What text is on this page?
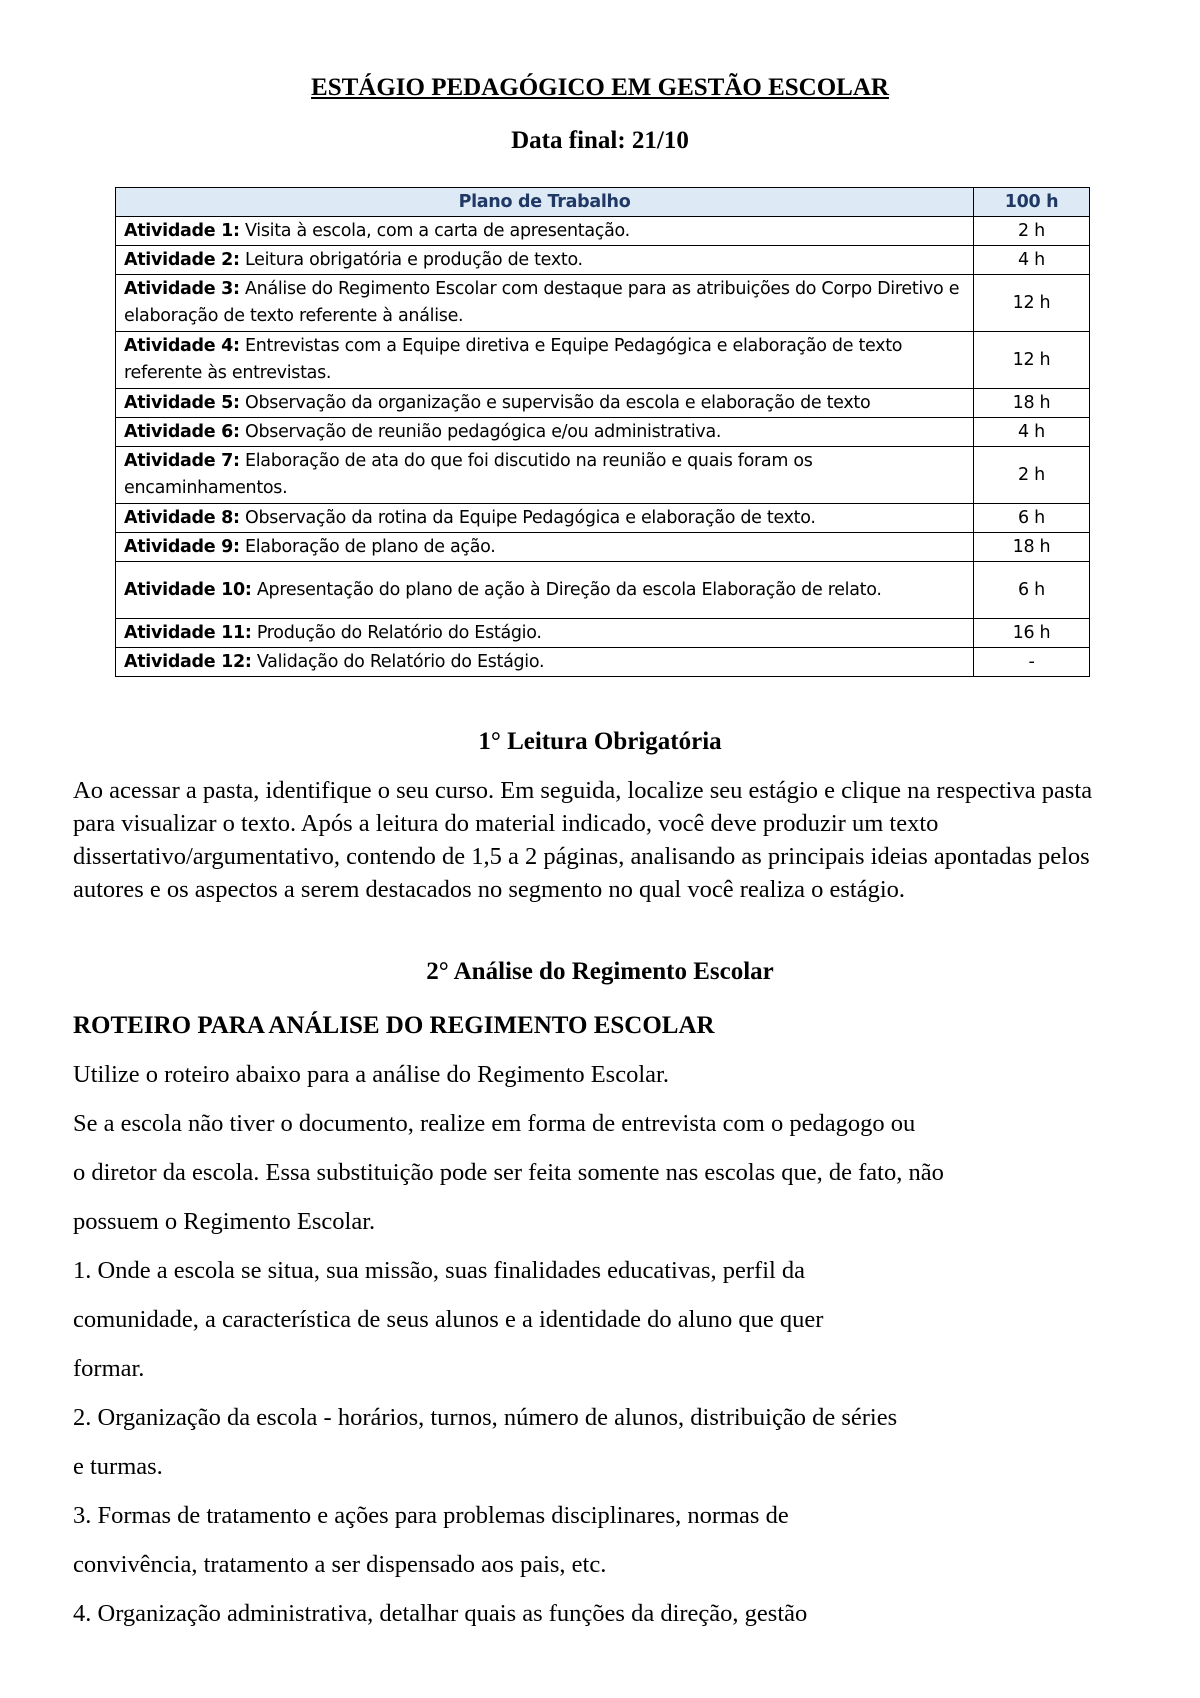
ESTÁGIO PEDAGÓGICO EM GESTÃO ESCOLAR
Data final: 21/10
Plano de Trabalho	100 h
Atividade 1: Visita à escola, com a carta de apresentação.	2 h
Atividade 2: Leitura obrigatória e produção de texto.	4 h
Atividade 3: Análise do Regimento Escolar com destaque para as atribuições do Corpo Diretivo e elaboração de texto referente à análise.	12 h
Atividade 4: Entrevistas com a Equipe diretiva e Equipe Pedagógica e elaboração de texto referente às entrevistas.	12 h
Atividade 5: Observação da organização e supervisão da escola e elaboração de texto	18 h
Atividade 6: Observação de reunião pedagógica e/ou administrativa.	4 h
Atividade 7: Elaboração de ata do que foi discutido na reunião e quais foram os encaminhamentos.	2 h
Atividade 8: Observação da rotina da Equipe Pedagógica e elaboração de texto.	6 h
Atividade 9: Elaboração de plano de ação.	18 h
Atividade 10: Apresentação do plano de ação à Direção da escola Elaboração de relato.	6 h
Atividade 11: Produção do Relatório do Estágio.	16 h
Atividade 12: Validação do Relatório do Estágio.	-
1° Leitura Obrigatória

Ao acessar a pasta, identifique o seu curso. Em seguida, localize seu estágio e clique na respectiva pasta para visualizar o texto. Após a leitura do material indicado, você deve produzir um texto dissertativo/argumentativo, contendo de 1,5 a 2 páginas, analisando as principais ideias apontadas pelos autores e os aspectos a serem destacados no segmento no qual você realiza o estágio.

2° Análise do Regimento Escolar
ROTEIRO PARA ANÁLISE DO REGIMENTO ESCOLAR
Utilize o roteiro abaixo para a análise do Regimento Escolar.
Se a escola não tiver o documento, realize em forma de entrevista com o pedagogo ou
o diretor da escola. Essa substituição pode ser feita somente nas escolas que, de fato, não
possuem o Regimento Escolar.
1. Onde a escola se situa, sua missão, suas finalidades educativas, perfil da
comunidade, a característica de seus alunos e a identidade do aluno que quer
formar.
2. Organização da escola - horários, turnos, número de alunos, distribuição de séries
e turmas.
3. Formas de tratamento e ações para problemas disciplinares, normas de
convivência, tratamento a ser dispensado aos pais, etc.
4. Organização administrativa, detalhar quais as funções da direção, gestão
